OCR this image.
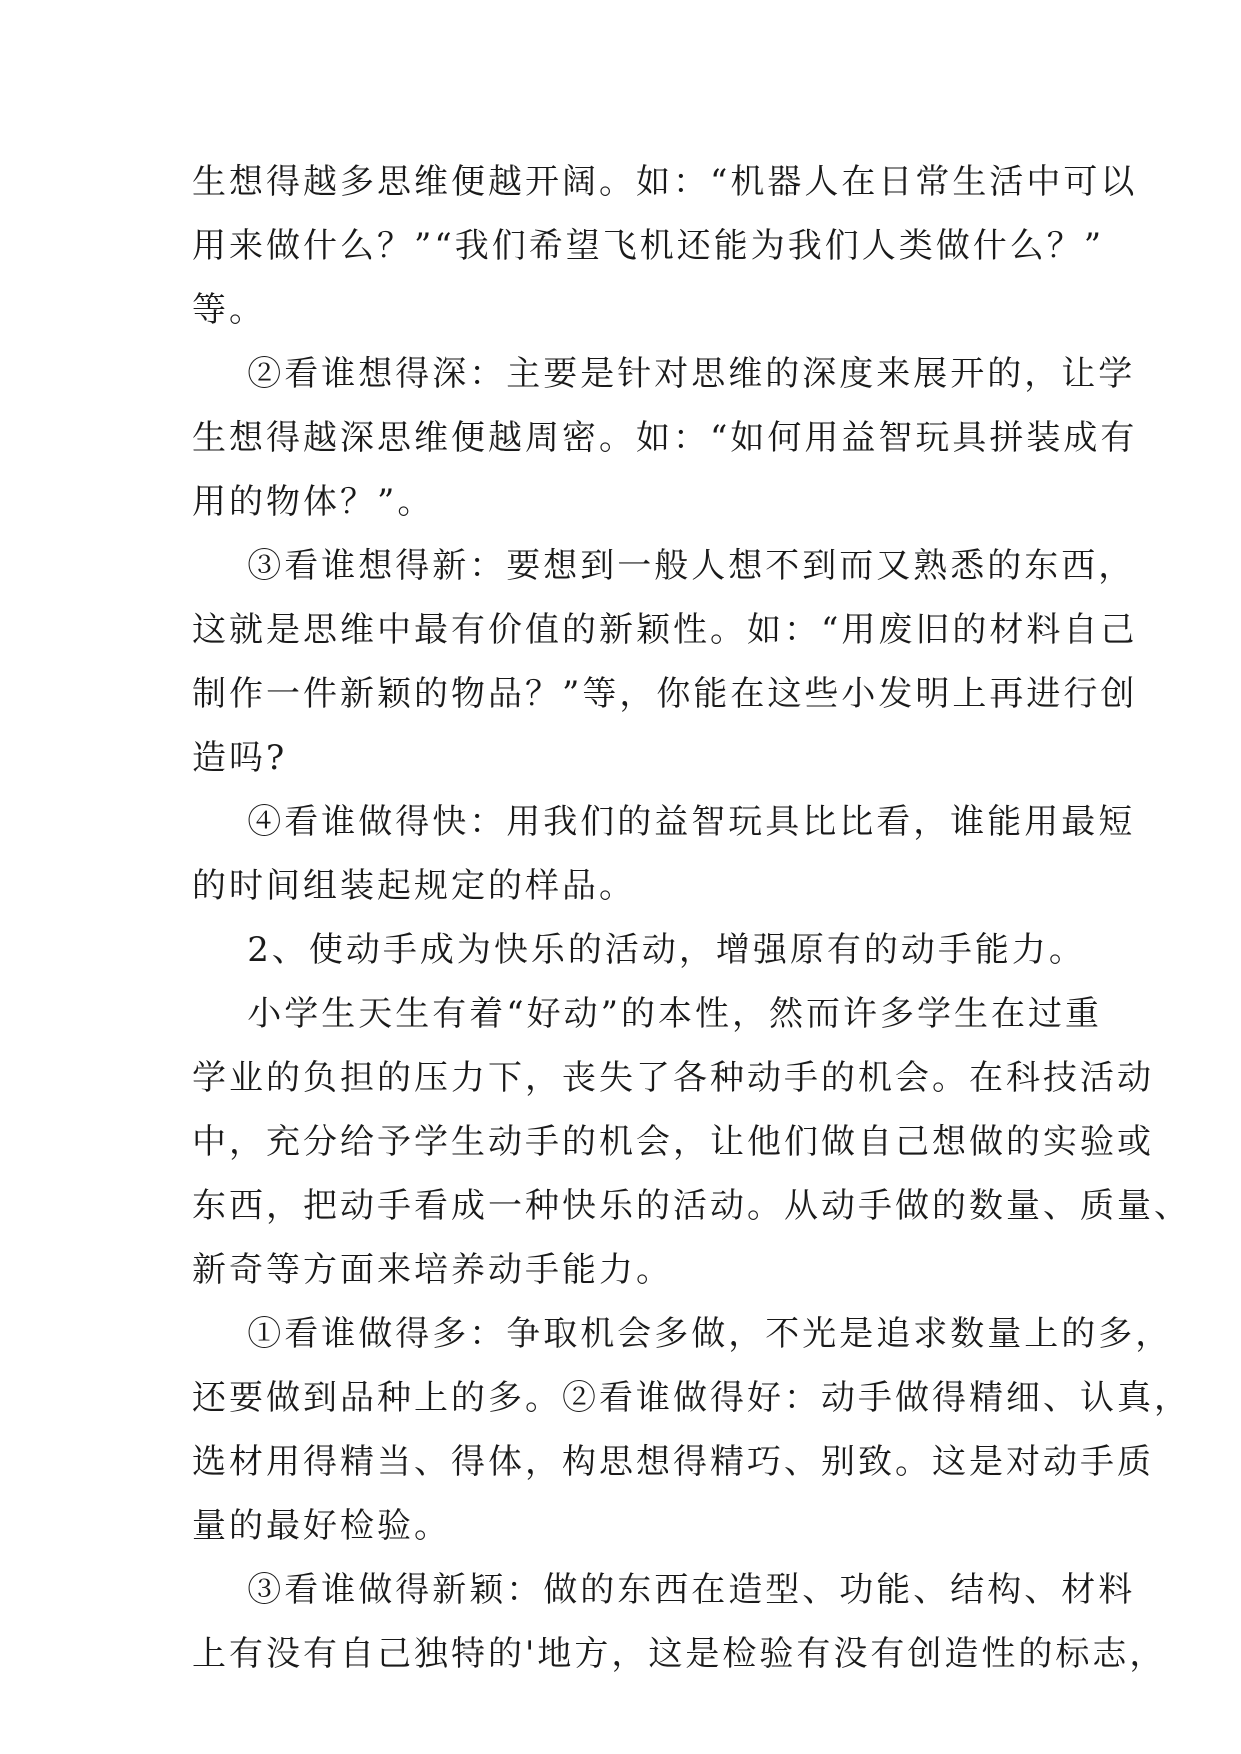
生想得越多思维便越开阔。如：“机器人在日常生活中可以
用来做什么？”“我们希望飞机还能为我们人类做什么？”
等。
②看谁想得深：主要是针对思维的深度来展开的，让学
生想得越深思维便越周密。如：“如何用益智玩具拼装成有
用的物体？”。
③看谁想得新：要想到一般人想不到而又熟悉的东西，
这就是思维中最有价值的新颖性。如：“用废旧的材料自己
制作一件新颖的物品？”等，你能在这些小发明上再进行创
造吗?
④看谁做得快：用我们的益智玩具比比看，谁能用最短
的时间组装起规定的样品。
2、使动手成为快乐的活动，增强原有的动手能力。
小学生天生有着“好动”的本性，然而许多学生在过重
学业的负担的压力下，丧失了各种动手的机会。在科技活动
中，充分给予学生动手的机会，让他们做自己想做的实验或
东西，把动手看成一种快乐的活动。从动手做的数量、质量、
新奇等方面来培养动手能力。
①看谁做得多：争取机会多做，不光是追求数量上的多，
还要做到品种上的多。②看谁做得好：动手做得精细、认真，
选材用得精当、得体，构思想得精巧、别致。这是对动手质
量的最好检验。
③看谁做得新颖：做的东西在造型、功能、结构、材料
上有没有自己独特的'地方，这是检验有没有创造性的标志，
